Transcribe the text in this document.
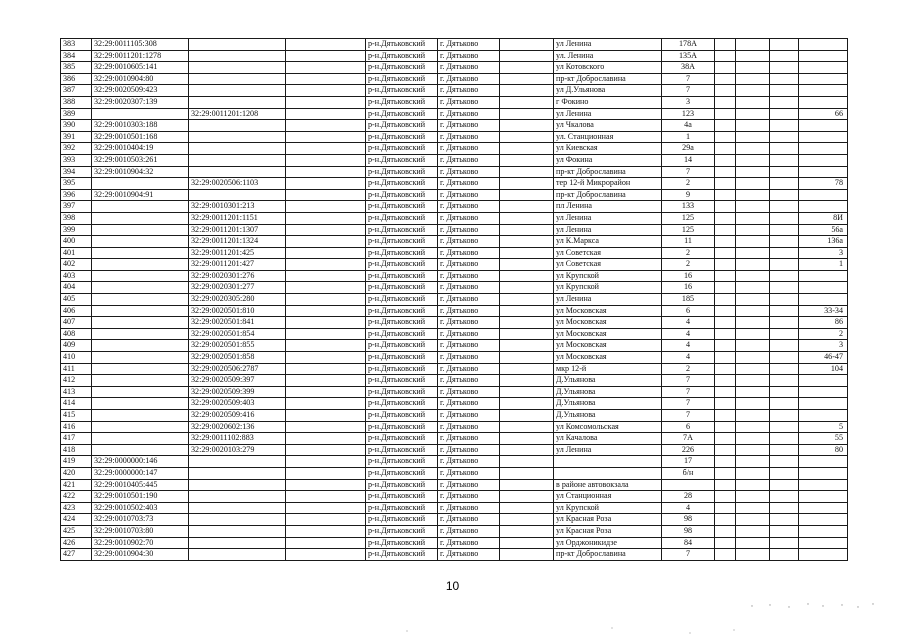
383	32:29:0011105:308			р-н.Дятьковский	г. Дятьково		ул Ленина	178А				
384	32:29:0011201:1278			р-н.Дятьковский	г. Дятьково		ул. Ленина	135А				
385	32:29:0010605:141			р-н.Дятьковский	г. Дятьково		ул Котовского	38А				
386	32:29:0010904:80			р-н.Дятьковский	г. Дятьково		пр-кт Доброславина	7				
387	32:29:0020509:423			р-н.Дятьковский	г. Дятьково		ул Д.Ульянова	7				
388	32:29:0020307:139			р-н.Дятьковский	г. Дятьково		г Фокино	3				
389		32:29:0011201:1208		р-н.Дятьковский	г. Дятьково		ул Ленина	123				66
390	32:29:0010303:188			р-н.Дятьковский	г. Дятьково		ул Чкалова	4а				
391	32:29:0010501:168			р-н.Дятьковский	г. Дятьково		ул. Станционная	1				
392	32:29:0010404:19			р-н.Дятьковский	г. Дятьково		ул Киевская	29а				
393	32:29:0010503:261			р-н.Дятьковский	г. Дятьково		ул Фокина	14				
394	32:29:0010904:32			р-н.Дятьковский	г. Дятьково		пр-кт Доброславина	7				
395		32:29:0020506:1103		р-н.Дятьковский	г. Дятьково		тер 12-й Микрорайон	2				78
396	32:29:0010904:91			р-н.Дятьковский	г. Дятьково		пр-кт Доброславина	9				
397		32:29:0010301:213		р-н.Дятьковский	г. Дятьково		пл Ленина	133				
398		32:29:0011201:1151		р-н.Дятьковский	г. Дятьково		ул Ленина	125				8И
399		32:29:0011201:1307		р-н.Дятьковский	г. Дятьково		ул Ленина	125				56а
400		32:29:0011201:1324		р-н.Дятьковский	г. Дятьково		ул К.Маркса	11				136а
401		32:29:0011201:425		р-н.Дятьковский	г. Дятьково		ул Советская	2				3
402		32:29:0011201:427		р-н.Дятьковский	г. Дятьково		ул Советская	2				1
403		32:29:0020301:276		р-н.Дятьковский	г. Дятьково		ул Крупской	16				
404		32:29:0020301:277		р-н.Дятьковский	г. Дятьково		ул Крупской	16				
405		32:29:0020305:280		р-н.Дятьковский	г. Дятьково		ул Ленина	185				
406		32:29:0020501:810		р-н.Дятьковский	г. Дятьково		ул Московская	6				33-34
407		32:29:0020501:841		р-н.Дятьковский	г. Дятьково		ул Московская	4				86
408		32:29:0020501:854		р-н.Дятьковский	г. Дятьково		ул Московская	4				2
409		32:29:0020501:855		р-н.Дятьковский	г. Дятьково		ул Московская	4				3
410		32:29:0020501:858		р-н.Дятьковский	г. Дятьково		ул Московская	4				46-47
411		32:29:0020506:2787		р-н.Дятьковский	г. Дятьково		мкр 12-й	2				104
412		32:29:0020509:397		р-н.Дятьковский	г. Дятьково		Д.Ульянова	7				
413		32:29:0020509:399		р-н.Дятьковский	г. Дятьково		Д.Ульянова	7				
414		32:29:0020509:403		р-н.Дятьковский	г. Дятьково		Д.Ульянова	7				
415		32:29:0020509:416		р-н.Дятьковский	г. Дятьково		Д.Ульянова	7				
416		32:29:0020602:136		р-н.Дятьковский	г. Дятьково		ул Комсомольская	6				5
417		32:29:0011102:883		р-н.Дятьковский	г. Дятьково		ул Качалова	7А				55
418		32:29:0020103:279		р-н.Дятьковский	г. Дятьково		ул Ленина	226				80
419	32:29:0000000:146			р-н.Дятьковский	г. Дятьково			17				
420	32:29:0000000:147			р-н.Дятьковский	г. Дятьково			б/н				
421	32:29:0010405:445			р-н.Дятьковский	г. Дятьково		в районе автовокзала					
422	32:29:0010501:190			р-н.Дятьковский	г. Дятьково		ул Станционная	28				
423	32:29:0010502:403			р-н.Дятьковский	г. Дятьково		ул Крупской	4				
424	32:29:0010703:73			р-н.Дятьковский	г. Дятьково		ул Красная Роза	98				
425	32:29:0010703:80			р-н.Дятьковский	г. Дятьково		ул Красная Роза	98				
426	32:29:0010902:70			р-н.Дятьковский	г. Дятьково		ул Орджоникидзе	84				
427	32:29:0010904:30			р-н.Дятьковский	г. Дятьково		пр-кт Доброславина	7				
10
